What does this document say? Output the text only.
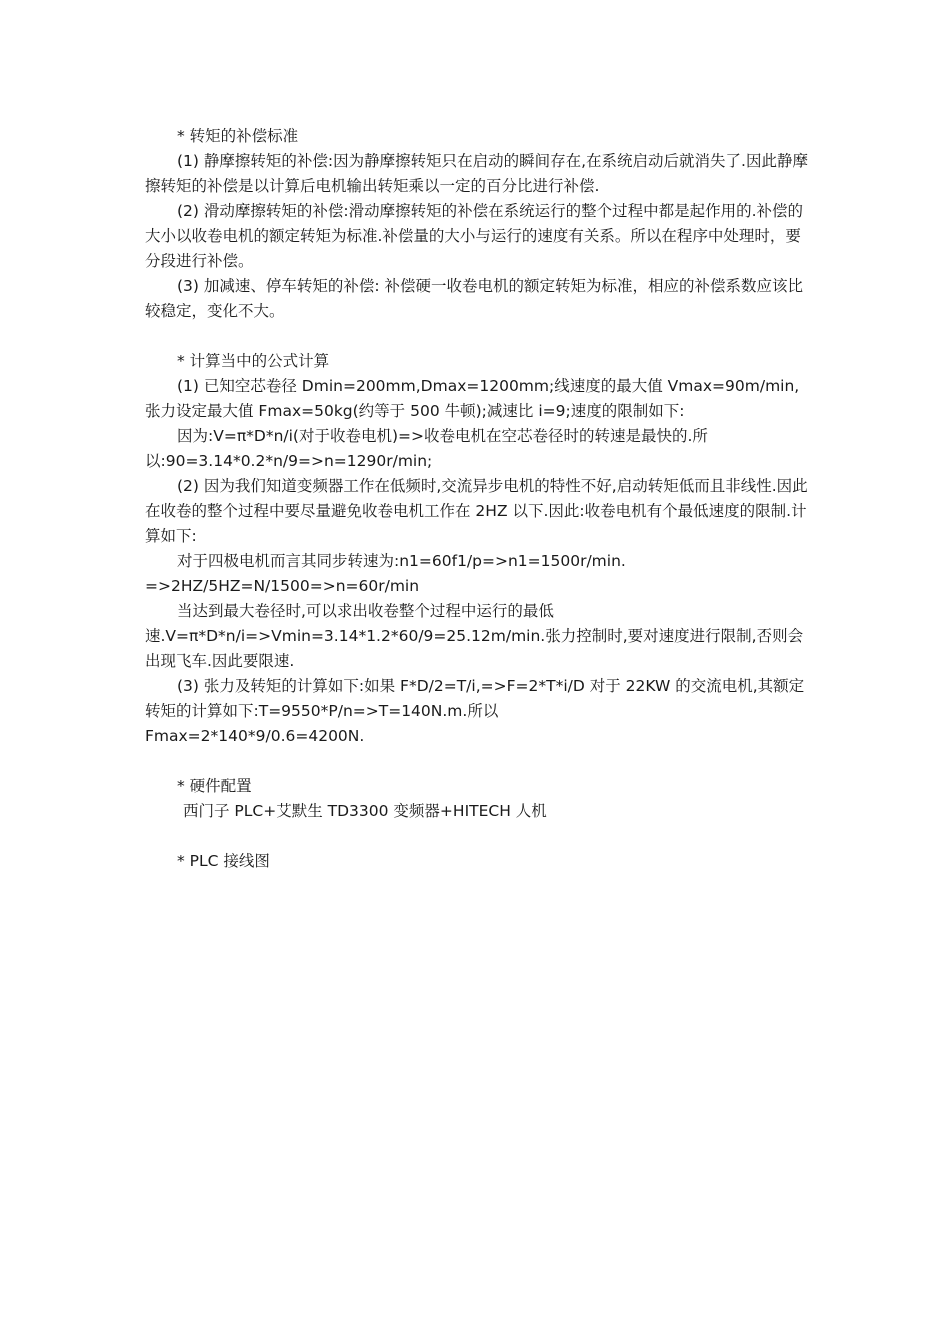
* 转矩的补偿标准

(1) 静摩擦转矩的补偿:因为静摩擦转矩只在启动的瞬间存在,在系统启动后就消失了.因此静摩擦转矩的补偿是以计算后电机输出转矩乘以一定的百分比进行补偿.

(2) 滑动摩擦转矩的补偿:滑动摩擦转矩的补偿在系统运行的整个过程中都是起作用的.补偿的大小以收卷电机的额定转矩为标准.补偿量的大小与运行的速度有关系。所以在程序中处理时，要分段进行补偿。

(3) 加减速、停车转矩的补偿: 补偿硬一收卷电机的额定转矩为标准，相应的补偿系数应该比较稳定，变化不大。

* 计算当中的公式计算

(1) 已知空芯卷径 Dmin=200mm,Dmax=1200mm;线速度的最大值 Vmax=90m/min,张力设定最大值 Fmax=50kg(约等于 500 牛顿);减速比 i=9;速度的限制如下:

因为:V=π*D*n/i(对于收卷电机)=>收卷电机在空芯卷径时的转速是最快的.所以:90=3.14*0.2*n/9=>n=1290r/min;

(2) 因为我们知道变频器工作在低频时,交流异步电机的特性不好,启动转矩低而且非线性.因此在收卷的整个过程中要尽量避免收卷电机工作在 2HZ 以下.因此:收卷电机有个最低速度的限制.计算如下:

对于四极电机而言其同步转速为:n1=60f1/p=>n1=1500r/min.

=>2HZ/5HZ=N/1500=>n=60r/min

当达到最大卷径时,可以求出收卷整个过程中运行的最低速.V=π*D*n/i=>Vmin=3.14*1.2*60/9=25.12m/min.张力控制时,要对速度进行限制,否则会出现飞车.因此要限速.

(3) 张力及转矩的计算如下:如果 F*D/2=T/i,=>F=2*T*i/D 对于 22KW 的交流电机,其额定转矩的计算如下:T=9550*P/n=>T=140N.m.所以

Fmax=2*140*9/0.6=4200N.

* 硬件配置

西门子 PLC+艾默生 TD3300 变频器+HITECH 人机

* PLC 接线图
